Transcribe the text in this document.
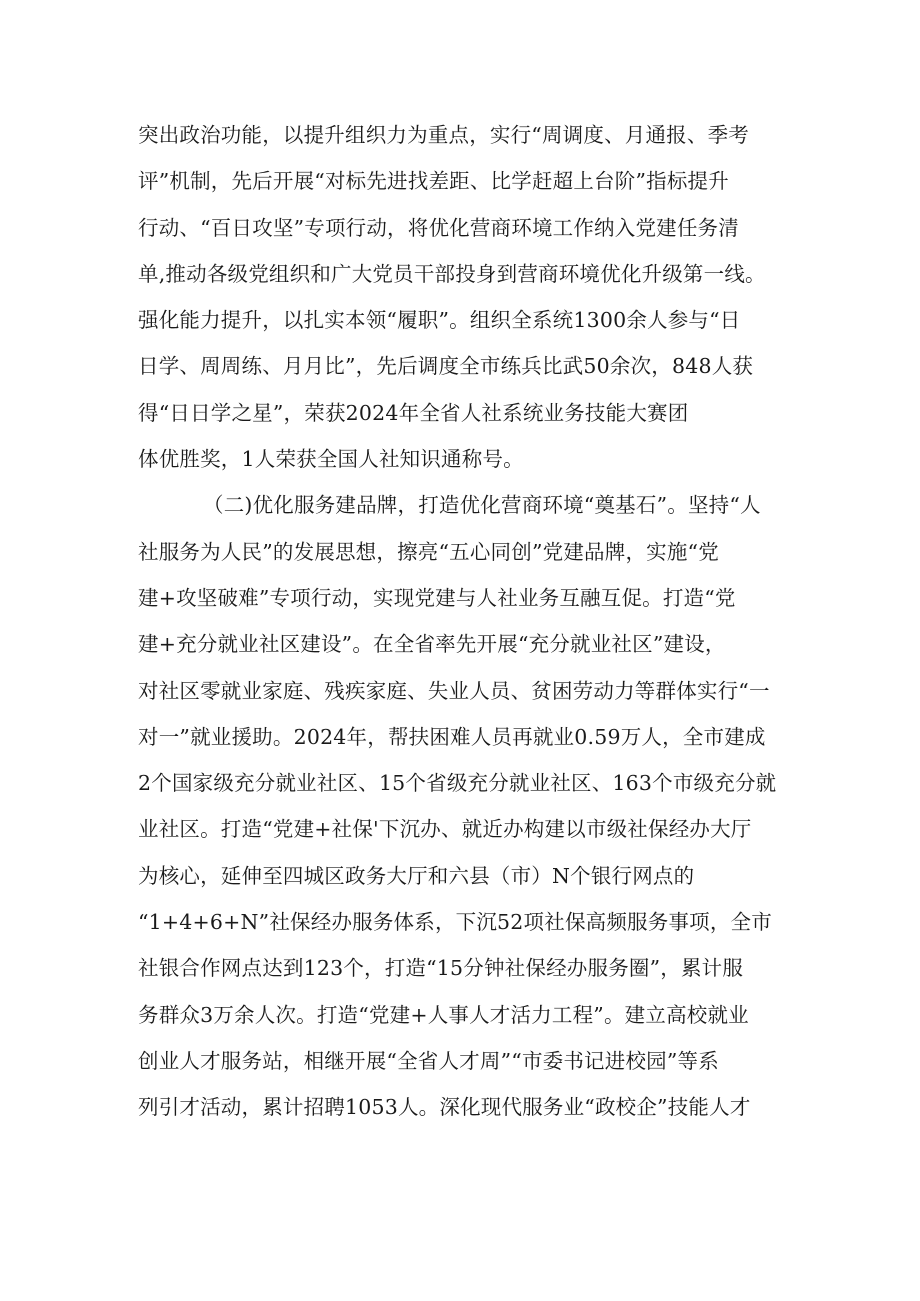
突出政治功能，以提升组织力为重点，实行“周调度、月通报、季考
评”机制，先后开展“对标先进找差距、比学赶超上台阶”指标提升
行动、“百日攻坚”专项行动，将优化营商环境工作纳入党建任务清
单,推动各级党组织和广大党员干部投身到营商环境优化升级第一线。
强化能力提升，以扎实本领“履职”。组织全系统1300余人参与“日
日学、周周练、月月比”，先后调度全市练兵比武50余次，848人获
得“日日学之星”，荣获2024年全省人社系统业务技能大赛团
体优胜奖，1人荣获全国人社知识通称号。
（二)优化服务建品牌，打造优化营商环境“奠基石”。坚持“人
社服务为人民”的发展思想，擦亮“五心同创”党建品牌，实施“党
建+攻坚破难”专项行动，实现党建与人社业务互融互促。打造“党
建+充分就业社区建设”。在全省率先开展“充分就业社区”建设，
对社区零就业家庭、残疾家庭、失业人员、贫困劳动力等群体实行“一
对一”就业援助。2024年，帮扶困难人员再就业0.59万人，全市建成
2个国家级充分就业社区、15个省级充分就业社区、163个市级充分就
业社区。打造“党建+社保'下沉办、就近办构建以市级社保经办大厅
为核心，延伸至四城区政务大厅和六县（市）N个银行网点的
“1+4+6+N”社保经办服务体系，下沉52项社保高频服务事项，全市
社银合作网点达到123个，打造“15分钟社保经办服务圈”，累计服
务群众3万余人次。打造“党建+人事人才活力工程”。建立高校就业
创业人才服务站，相继开展“全省人才周”“市委书记进校园”等系
列引才活动，累计招聘1053人。深化现代服务业“政校企”技能人才
